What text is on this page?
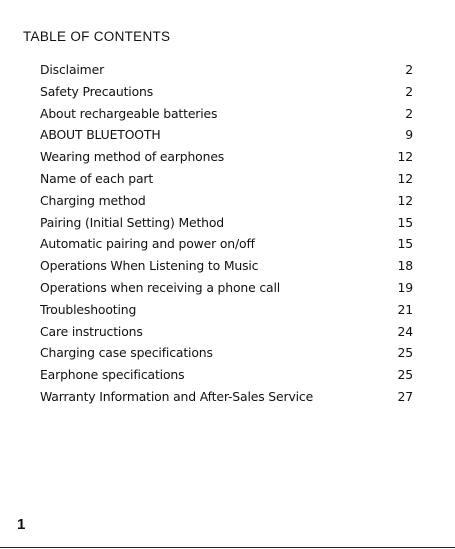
TABLE OF CONTENTS
Disclaimer	2
Safety Precautions	2
About rechargeable batteries	2
ABOUT BLUETOOTH	9
Wearing method of earphones	12
Name of each part	12
Charging method	12
Pairing (Initial Setting) Method	15
Automatic pairing and power on/off	15
Operations When Listening to Music	18
Operations when receiving a phone call	19
Troubleshooting	21
Care instructions	24
Charging case specifications	25
Earphone specifications	25
Warranty Information and After-Sales Service	27
1
